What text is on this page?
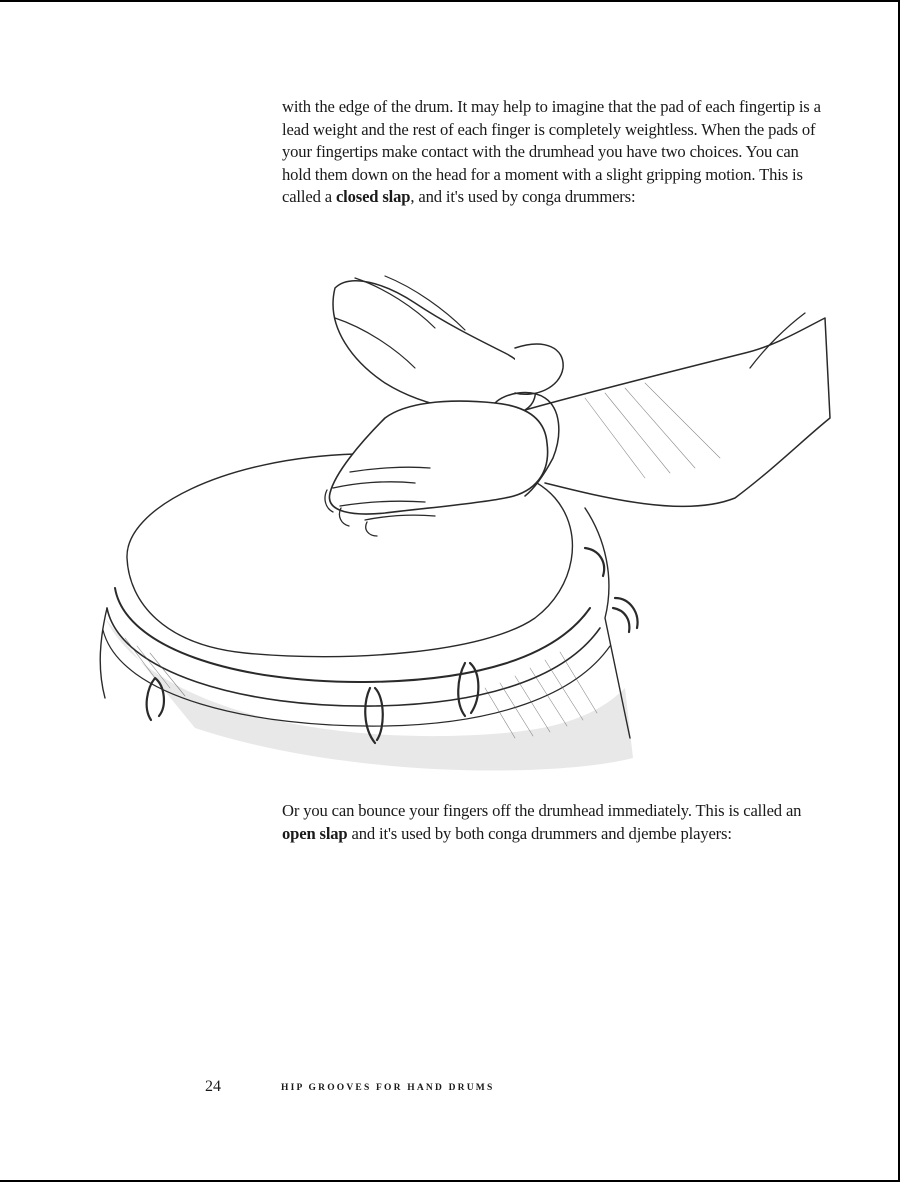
with the edge of the drum. It may help to imagine that the pad of each fingertip is a lead weight and the rest of each finger is completely weightless. When the pads of your fingertips make contact with the drumhead you have two choices. You can hold them down on the head for a moment with a slight gripping motion. This is called a closed slap, and it's used by conga drummers:

Or you can bounce your fingers off the drumhead immediately. This is called an open slap and it's used by both conga drummers and djembe players:

24	HIP GROOVES FOR HAND DRUMS
